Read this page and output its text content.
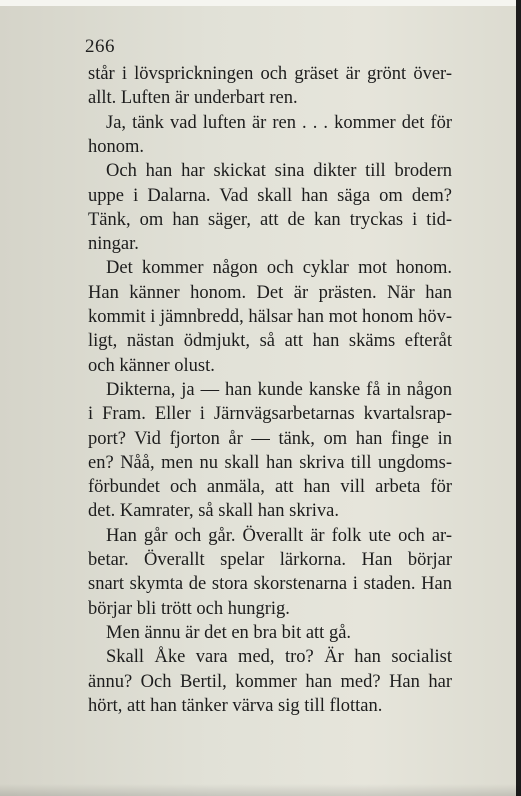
266
står i lövsprickningen och gräset är grönt över-
allt. Luften är underbart ren.
Ja, tänk vad luften är ren . . . kommer det för
honom.
Och han har skickat sina dikter till brodern
uppe i Dalarna. Vad skall han säga om dem?
Tänk, om han säger, att de kan tryckas i tid-
ningar.
Det kommer någon och cyklar mot honom.
Han känner honom. Det är prästen. När han
kommit i jämnbredd, hälsar han mot honom höv-
ligt, nästan ödmjukt, så att han skäms efteråt
och känner olust.
Dikterna, ja — han kunde kanske få in någon
i Fram. Eller i Järnvägsarbetarnas kvartalsrap-
port? Vid fjorton år — tänk, om han finge in
en? Nåå, men nu skall han skriva till ungdoms-
förbundet och anmäla, att han vill arbeta för
det. Kamrater, så skall han skriva.
Han går och går. Överallt är folk ute och ar-
betar. Överallt spelar lärkorna. Han börjar
snart skymta de stora skorstenarna i staden. Han
börjar bli trött och hungrig.
Men ännu är det en bra bit att gå.
Skall Åke vara med, tro? Är han socialist
ännu? Och Bertil, kommer han med? Han har
hört, att han tänker värva sig till flottan.
